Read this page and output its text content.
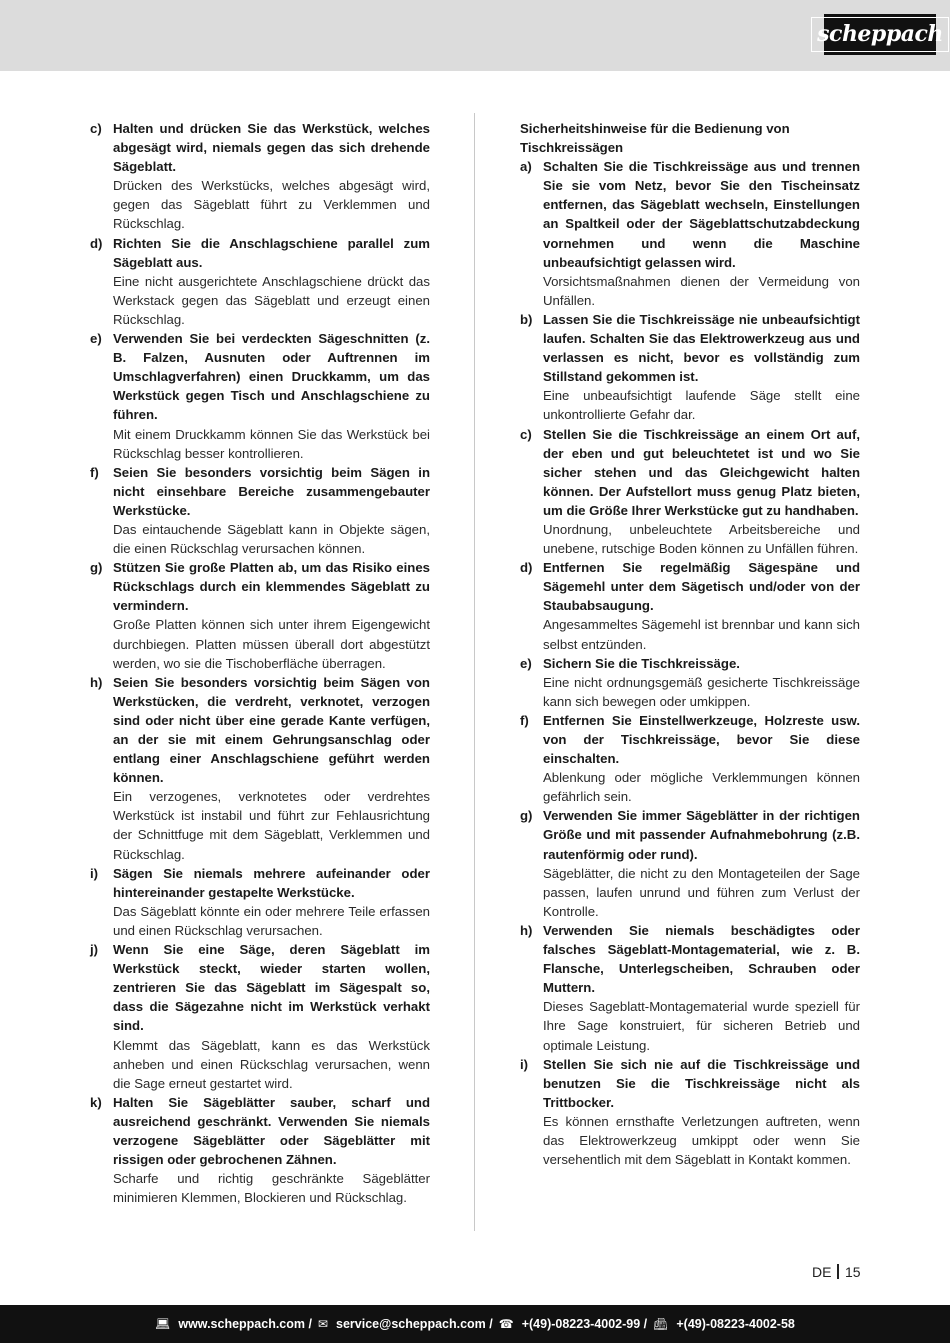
scheppach
c) Halten und drücken Sie das Werkstück, welches abgesägt wird, niemals gegen das sich drehende Sägeblatt.
Drücken des Werkstücks, welches abgesägt wird, gegen das Sägeblatt führt zu Verklemmen und Rückschlag.
d) Richten Sie die Anschlagschiene parallel zum Sägeblatt aus.
Eine nicht ausgerichtete Anschlagschiene drückt das Werkstack gegen das Sägeblatt und erzeugt einen Rückschlag.
e) Verwenden Sie bei verdeckten Sägeschnitten (z. B. Falzen, Ausnuten oder Auftrennen im Umschlagverfahren) einen Druckkamm, um das Werkstück gegen Tisch und Anschlagschiene zu führen.
Mit einem Druckkamm können Sie das Werkstück bei Rückschlag besser kontrollieren.
f) Seien Sie besonders vorsichtig beim Sägen in nicht einsehbare Bereiche zusammengebauter Werkstücke.
Das eintauchende Sägeblatt kann in Objekte sägen, die einen Rückschlag verursachen können.
g) Stützen Sie große Platten ab, um das Risiko eines Rückschlags durch ein klemmendes Sägeblatt zu vermindern.
Große Platten können sich unter ihrem Eigengewicht durchbiegen. Platten müssen überall dort abgestützt werden, wo sie die Tischoberfläche überragen.
h) Seien Sie besonders vorsichtig beim Sägen von Werkstücken, die verdreht, verknotet, verzogen sind oder nicht über eine gerade Kante verfügen, an der sie mit einem Gehrungsanschlag oder entlang einer Anschlagschiene geführt werden können.
Ein verzogenes, verknotetes oder verdrehtes Werkstück ist instabil und führt zur Fehlausrichtung der Schnittfuge mit dem Sägeblatt, Verklemmen und Rückschlag.
i) Sägen Sie niemals mehrere aufeinander oder hintereinander gestapelte Werkstücke.
Das Sägeblatt könnte ein oder mehrere Teile erfassen und einen Rückschlag verursachen.
j) Wenn Sie eine Säge, deren Sägeblatt im Werkstück steckt, wieder starten wollen, zentrieren Sie das Sägeblatt im Sägespalt so, dass die Sägezahne nicht im Werkstück verhakt sind.
Klemmt das Sägeblatt, kann es das Werkstück anheben und einen Rückschlag verursachen, wenn die Sage erneut gestartet wird.
k) Halten Sie Sägeblätter sauber, scharf und ausreichend geschränkt. Verwenden Sie niemals verzogene Sägeblätter oder Sägeblätter mit rissigen oder gebrochenen Zähnen.
Scharfe und richtig geschränkte Sägeblätter minimieren Klemmen, Blockieren und Rückschlag.

Sicherheitshinweise für die Bedienung von Tischkreissägen

a) Schalten Sie die Tischkreissäge aus und trennen Sie sie vom Netz, bevor Sie den Tischeinsatz entfernen, das Sägeblatt wechseln, Einstellungen an Spaltkeil oder der Sägeblattschutzabdeckung vornehmen und wenn die Maschine unbeaufsichtigt gelassen wird.
Vorsichtsmaßnahmen dienen der Vermeidung von Unfällen.
b) Lassen Sie die Tischkreissäge nie unbeaufsichtigt laufen. Schalten Sie das Elektrowerkzeug aus und verlassen es nicht, bevor es vollständig zum Stillstand gekommen ist.
Eine unbeaufsichtigt laufende Säge stellt eine unkontrollierte Gefahr dar.
c) Stellen Sie die Tischkreissäge an einem Ort auf, der eben und gut beleuchtetet ist und wo Sie sicher stehen und das Gleichgewicht halten können. Der Aufstellort muss genug Platz bieten, um die Größe Ihrer Werkstücke gut zu handhaben.
Unordnung, unbeleuchtete Arbeitsbereiche und unebene, rutschige Boden können zu Unfällen führen.
d) Entfernen Sie regelmäßig Sägespäne und Sägemehl unter dem Sägetisch und/oder von der Staubabsaugung.
Angesammeltes Sägemehl ist brennbar und kann sich selbst entzünden.
e) Sichern Sie die Tischkreissäge.
Eine nicht ordnungsgemäß gesicherte Tischkreissäge kann sich bewegen oder umkippen.
f) Entfernen Sie Einstellwerkzeuge, Holzreste usw. von der Tischkreissäge, bevor Sie diese einschalten.
Ablenkung oder mögliche Verklemmungen können gefährlich sein.
g) Verwenden Sie immer Sägeblätter in der richtigen Größe und mit passender Aufnahmebohrung (z.B. rautenförmig oder rund).
Sägeblätter, die nicht zu den Montageteilen der Sage passen, laufen unrund und führen zum Verlust der Kontrolle.
h) Verwenden Sie niemals beschädigtes oder falsches Sägeblatt-Montagematerial, wie z. B. Flansche, Unterlegscheiben, Schrauben oder Muttern.
Dieses Sageblatt-Montagematerial wurde speziell für Ihre Sage konstruiert, für sicheren Betrieb und optimale Leistung.
i) Stellen Sie sich nie auf die Tischkreissäge und benutzen Sie die Tischkreissäge nicht als Trittbocker.
Es können ernsthafte Verletzungen auftreten, wenn das Elektrowerkzeug umkippt oder wenn Sie versehentlich mit dem Sägeblatt in Kontakt kommen.
DE 15
💻︎ www.scheppach.com / ✉︎ service@scheppach.com / ☎︎ +(49)-08223-4002-99 / 📠︎ +(49)-08223-4002-58
